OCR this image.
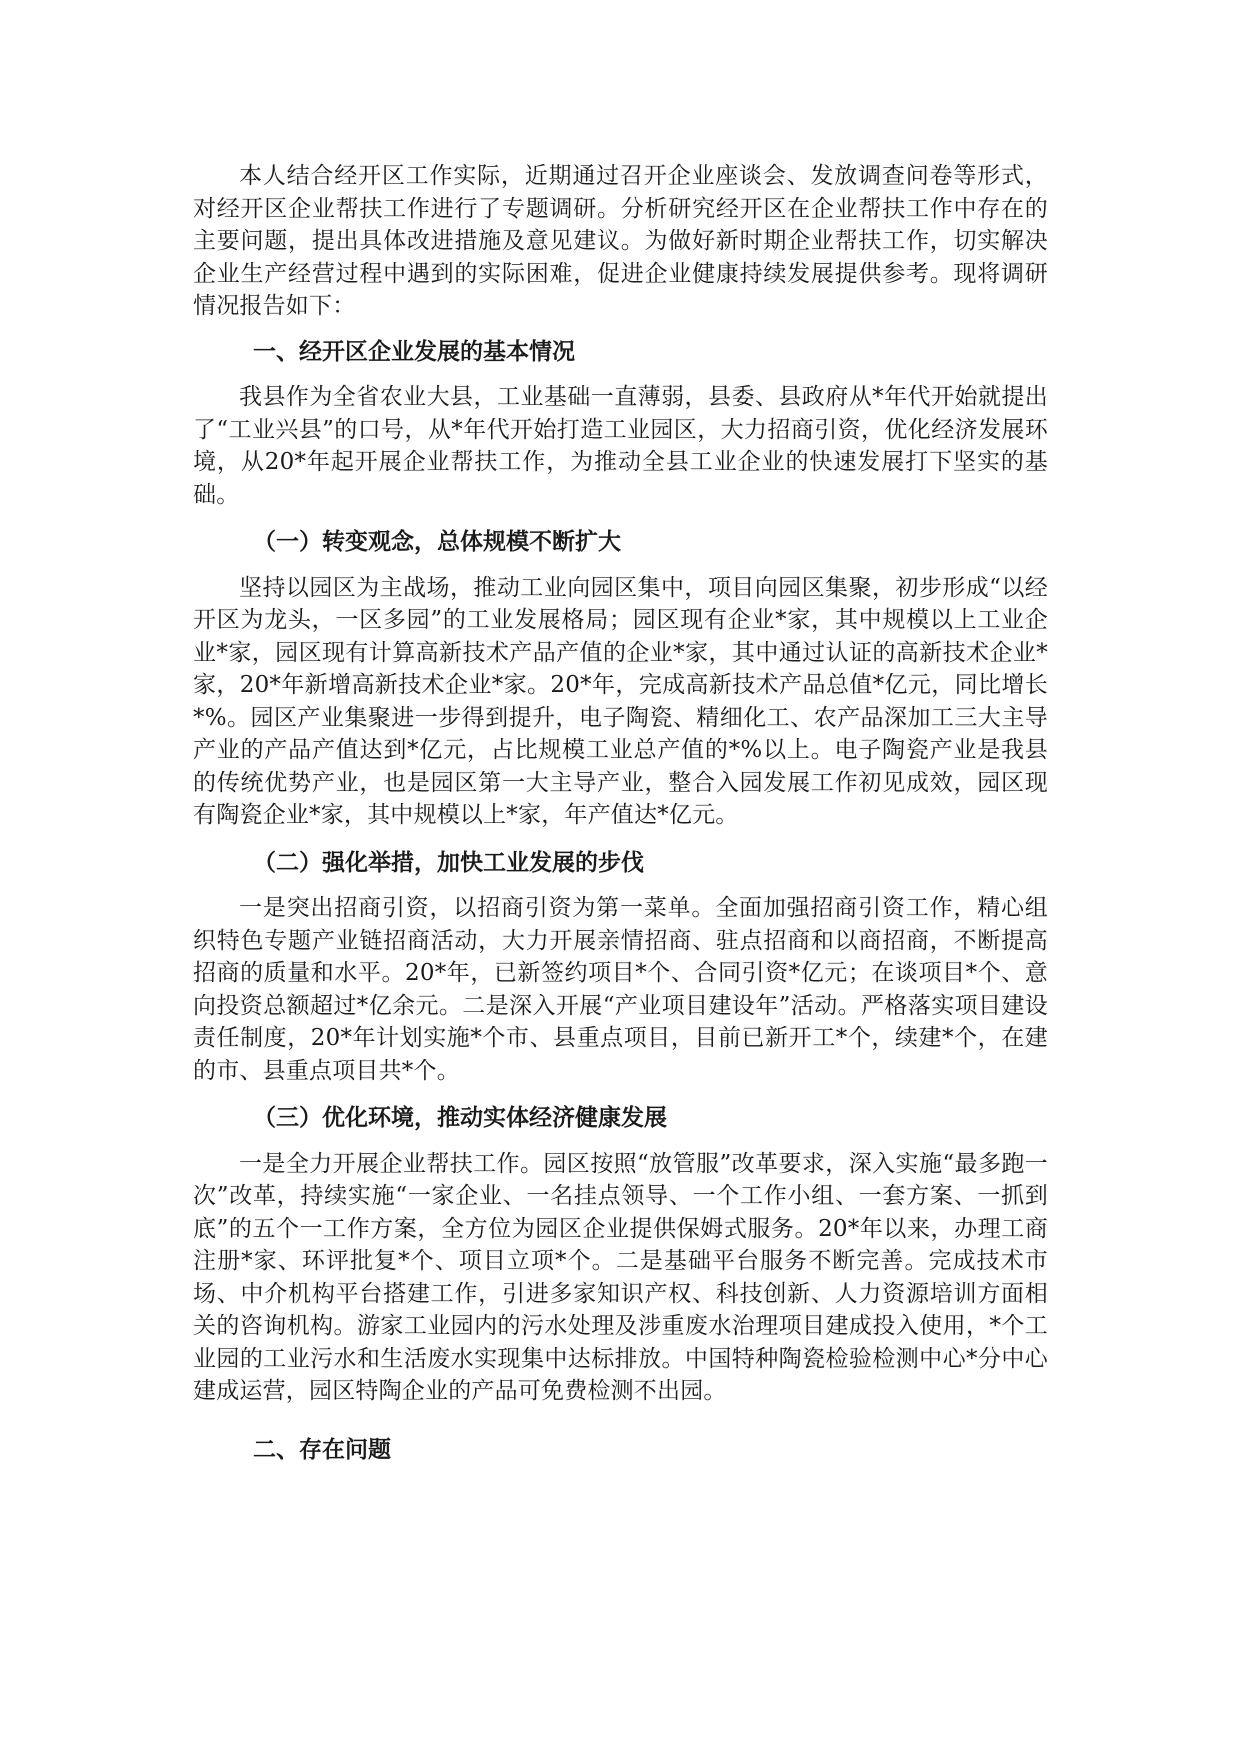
本人结合经开区工作实际，近期通过召开企业座谈会、发放调查问卷等形式，对经开区企业帮扶工作进行了专题调研。分析研究经开区在企业帮扶工作中存在的主要问题，提出具体改进措施及意见建议。为做好新时期企业帮扶工作，切实解决企业生产经营过程中遇到的实际困难，促进企业健康持续发展提供参考。现将调研情况报告如下：

一、经开区企业发展的基本情况

我县作为全省农业大县，工业基础一直薄弱，县委、县政府从*年代开始就提出了“工业兴县”的口号，从*年代开始打造工业园区，大力招商引资，优化经济发展环境，从20*年起开展企业帮扶工作，为推动全县工业企业的快速发展打下坚实的基础。

（一）转变观念，总体规模不断扩大

坚持以园区为主战场，推动工业向园区集中，项目向园区集聚，初步形成“以经开区为龙头，一区多园”的工业发展格局；园区现有企业*家，其中规模以上工业企业*家，园区现有计算高新技术产品产值的企业*家，其中通过认证的高新技术企业*家，20*年新增高新技术企业*家。20*年，完成高新技术产品总值*亿元，同比增长*%。园区产业集聚进一步得到提升，电子陶瓷、精细化工、农产品深加工三大主导产业的产品产值达到*亿元，占比规模工业总产值的*%以上。电子陶瓷产业是我县的传统优势产业，也是园区第一大主导产业，整合入园发展工作初见成效，园区现有陶瓷企业*家，其中规模以上*家，年产值达*亿元。

（二）强化举措，加快工业发展的步伐

一是突出招商引资，以招商引资为第一菜单。全面加强招商引资工作，精心组织特色专题产业链招商活动，大力开展亲情招商、驻点招商和以商招商，不断提高招商的质量和水平。20*年，已新签约项目*个、合同引资*亿元；在谈项目*个、意向投资总额超过*亿余元。二是深入开展“产业项目建设年”活动。严格落实项目建设责任制度，20*年计划实施*个市、县重点项目，目前已新开工*个，续建*个，在建的市、县重点项目共*个。

（三）优化环境，推动实体经济健康发展

一是全力开展企业帮扶工作。园区按照“放管服”改革要求，深入实施“最多跑一次”改革，持续实施“一家企业、一名挂点领导、一个工作小组、一套方案、一抓到底”的五个一工作方案，全方位为园区企业提供保姆式服务。20*年以来，办理工商注册*家、环评批复*个、项目立项*个。二是基础平台服务不断完善。完成技术市场、中介机构平台搭建工作，引进多家知识产权、科技创新、人力资源培训方面相关的咨询机构。游家工业园内的污水处理及涉重废水治理项目建成投入使用，*个工业园的工业污水和生活废水实现集中达标排放。中国特种陶瓷检验检测中心*分中心建成运营，园区特陶企业的产品可免费检测不出园。

二、存在问题
